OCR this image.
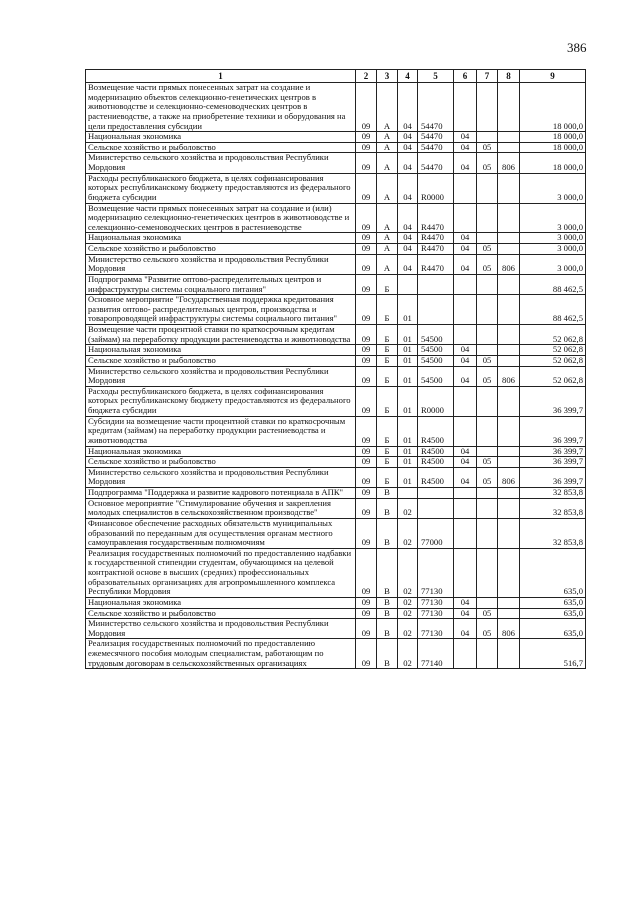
386
1	2	3	4	5	6	7	8	9
Возмещение части прямых понесенных затрат на создание и модернизацию объектов селекционно-генетических центров в животноводстве и селекционно-семеноводческих центров в растениеводстве, а также на приобретение техники и оборудования на цели предоставления субсидии	09	А	04	54470				18 000,0
Национальная экономика	09	А	04	54470	04			18 000,0
Сельское хозяйство и рыболовство	09	А	04	54470	04	05		18 000,0
Министерство сельского хозяйства и продовольствия Республики Мордовия	09	А	04	54470	04	05	806	18 000,0
Расходы республиканского бюджета, в целях софинансирования которых республиканскому бюджету предоставляются из федерального бюджета субсидии	09	А	04	R0000				3 000,0
Возмещение части прямых понесенных затрат на создание и (или) модернизацию селекционно-генетических центров в животноводстве и селекционно-семеноводческих центров в растениеводстве	09	А	04	R4470				3 000,0
Национальная экономика	09	А	04	R4470	04			3 000,0
Сельское хозяйство и рыболовство	09	А	04	R4470	04	05		3 000,0
Министерство сельского хозяйства и продовольствия Республики Мордовия	09	А	04	R4470	04	05	806	3 000,0
Подпрограмма "Развитие оптово-распределительных центров и инфраструктуры системы социального питания"	09	Б						88 462,5
Основное мероприятие "Государственная поддержка кредитования развития оптово- распределительных центров, производства и товаропроводящей инфраструктуры системы социального питания"	09	Б	01					88 462,5
Возмещение части процентной ставки по краткосрочным кредитам (займам) на переработку продукции растениеводства и животноводства	09	Б	01	54500				52 062,8
Национальная экономика	09	Б	01	54500	04			52 062,8
Сельское хозяйство и рыболовство	09	Б	01	54500	04	05		52 062,8
Министерство сельского хозяйства и продовольствия Республики Мордовия	09	Б	01	54500	04	05	806	52 062,8
Расходы республиканского бюджета, в целях софинансирования которых республиканскому бюджету предоставляются из федерального бюджета субсидии	09	Б	01	R0000				36 399,7
Субсидии на возмещение части процентной ставки по краткосрочным кредитам (займам) на переработку продукции растениеводства и животноводства	09	Б	01	R4500				36 399,7
Национальная экономика	09	Б	01	R4500	04			36 399,7
Сельское хозяйство и рыболовство	09	Б	01	R4500	04	05		36 399,7
Министерство сельского хозяйства и продовольствия Республики Мордовия	09	Б	01	R4500	04	05	806	36 399,7
Подпрограмма "Поддержка и развитие кадрового потенциала в АПК"	09	В						32 853,8
Основное мероприятие "Стимулирование обучения и закрепления молодых специалистов в сельскохозяйственном производстве"	09	В	02					32 853,8
Финансовое обеспечение расходных обязательств муниципальных образований по переданным для осуществления органам местного самоуправления государственным полномочиям	09	В	02	77000				32 853,8
Реализация государственных полномочий по предоставлению надбавки к государственной стипендии студентам, обучающимся на целевой контрактной основе в высших (средних) профессиональных образовательных организациях для агропромышленного комплекса Республики Мордовия	09	В	02	77130				635,0
Национальная экономика	09	В	02	77130	04			635,0
Сельское хозяйство и рыболовство	09	В	02	77130	04	05		635,0
Министерство сельского хозяйства и продовольствия Республики Мордовия	09	В	02	77130	04	05	806	635,0
Реализация государственных полномочий по предоставлению ежемесячного пособия молодым специалистам, работающим по трудовым договорам в сельскохозяйственных организациях	09	В	02	77140				516,7
